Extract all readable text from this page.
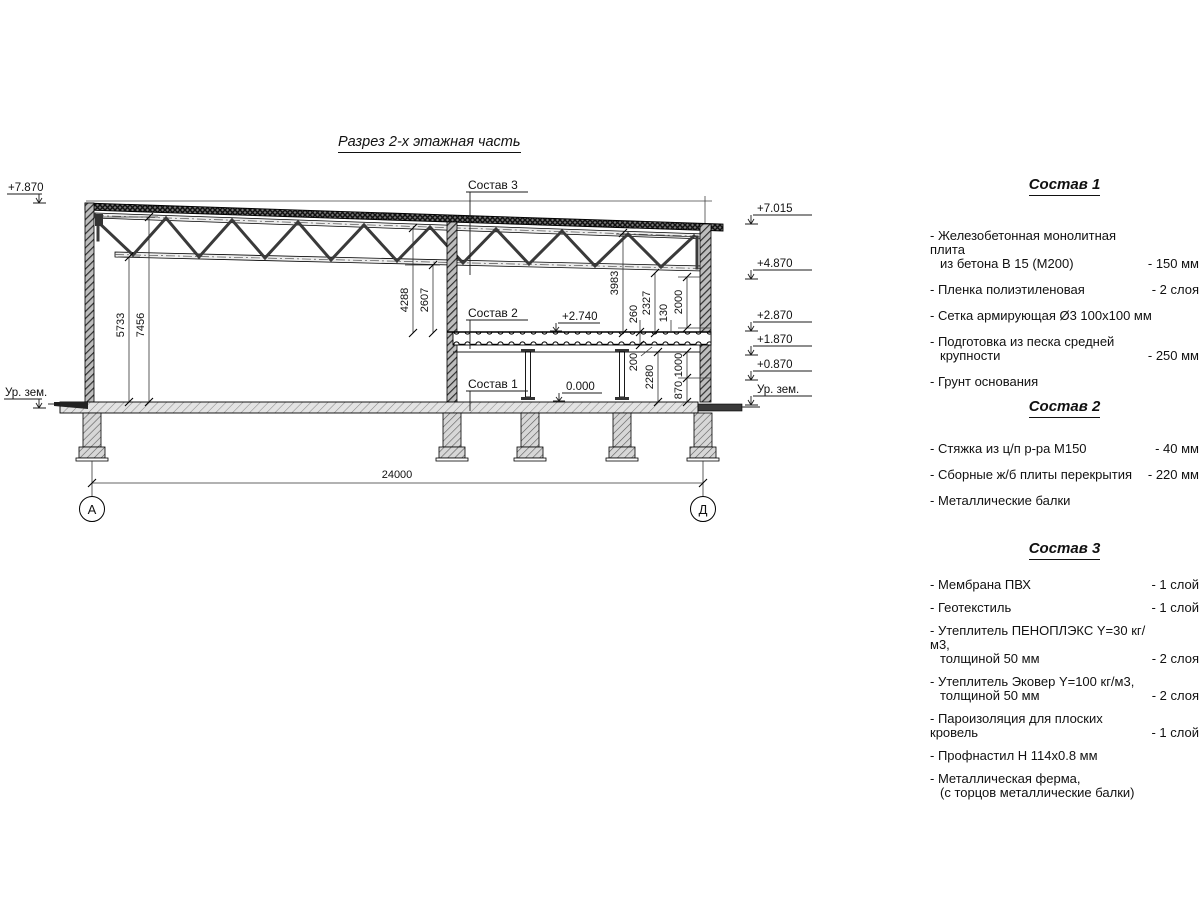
Разрез 2-х этажная часть
24000
А	Д
5733 7456
4288 2607
3983
2327 2000
130
260
200
2280 1000
870
+7.015
+4.870
+2.870
+1.870
+0.870
Ур. зем.
+7.870
Ур. зем.
+2.740
0.000
Состав 3
Состав 2
Состав 1
Состав 1
- Железобетонная монолитная плита
из бетона В 15 (М200)	- 150 мм
- Пленка полиэтиленовая	- 2 слоя
- Сетка армирующая Ø3 100х100 мм
- Подготовка из песка средней
крупности	- 250 мм
- Грунт основания
Состав 2
- Стяжка из ц/п р-ра М150	- 40 мм
- Сборные ж/б плиты перекрытия	- 220 мм
- Металлические балки
Состав 3
- Мембрана ПВХ	- 1 слой
- Геотекстиль	- 1 слой
- Утеплитель ПЕНОПЛЭКС Y=30 кг/м3,
толщиной 50 мм	- 2 слоя
- Утеплитель Эковер Y=100 кг/м3,
толщиной 50 мм	- 2 слоя
- Пароизоляция для плоских кровель	- 1 слой
- Профнастил Н 114х0.8 мм
- Металлическая ферма,
(с торцов металлические балки)
